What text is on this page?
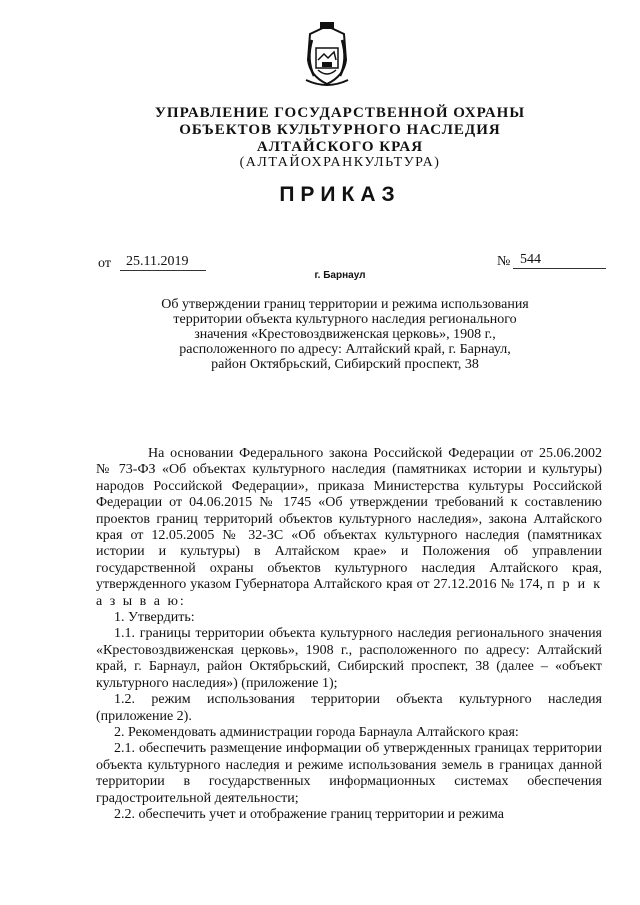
УПРАВЛЕНИЕ ГОСУДАРСТВЕННОЙ ОХРАНЫ
ОБЪЕКТОВ КУЛЬТУРНОГО НАСЛЕДИЯ
АЛТАЙСКОГО КРАЯ
(АЛТАЙОХРАНКУЛЬТУРА)
ПРИКАЗ
от	25.11.2019	№ 544
г. Барнаул
Об утверждении границ территории и режима использования
территории объекта культурного наследия регионального
значения «Крестовоздвиженская церковь», 1908 г.,
расположенного по адресу: Алтайский край, г. Барнаул,
район Октябрьский, Сибирский проспект, 38

На основании Федерального закона Российской Федерации от 25.06.2002 № 73-ФЗ «Об объектах культурного наследия (памятниках истории и культуры) народов Российской Федерации», приказа Министерства культуры Российской Федерации от 04.06.2015 № 1745 «Об утверждении требований к составлению проектов границ территорий объектов культурного наследия», закона Алтайского края от 12.05.2005 № 32-ЗС «Об объектах культурного наследия (памятниках истории и культуры) в Алтайском крае» и Положения об управлении государственной охраны объектов культурного наследия Алтайского края, утвержденного указом Губернатора Алтайского края от 27.12.2016 № 174, п р и к а з ы в а ю:

1. Утвердить:

1.1. границы территории объекта культурного наследия регионального значения «Крестовоздвиженская церковь», 1908 г., расположенного по адресу: Алтайский край, г. Барнаул, район Октябрьский, Сибирский проспект, 38 (далее – «объект культурного наследия») (приложение 1);

1.2. режим использования территории объекта культурного наследия (приложение 2).

2. Рекомендовать администрации города Барнаула Алтайского края:

2.1. обеспечить размещение информации об утвержденных границах территории объекта культурного наследия и режиме использования земель в границах данной территории в государственных информационных системах обеспечения градостроительной деятельности;

2.2. обеспечить учет и отображение границ территории и режима
